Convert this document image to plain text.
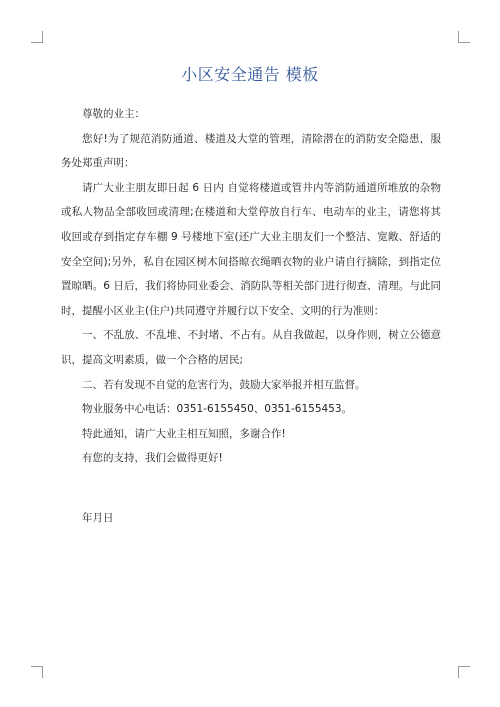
小区安全通告 模板

尊敬的业主：

您好!为了规范消防通道、楼道及大堂的管理，清除潜在的消防安全隐患，服务处郑重声明：

请广大业主朋友即日起 6 日内 自觉将楼道或管井内等消防通道所堆放的杂物或私人物品全部收回或清理;在楼道和大堂停放自行车、电动车的业主，请您将其收回或存到指定存车棚 9 号楼地下室(还广大业主朋友们一个整洁、宽敞、舒适的安全空间);另外，私自在园区树木间搭晾衣绳晒衣物的业户请自行摘除，到指定位置晾晒。6 日后，我们将协同业委会、消防队等相关部门进行彻查、清理。与此同时，提醒小区业主(住户)共同遵守并履行以下安全、文明的行为准则：

一、不乱放、不乱堆、不封堵、不占有。从自我做起，以身作则，树立公德意识，提高文明素质，做一个合格的居民;

二、若有发现不自觉的危害行为，鼓励大家举报并相互监督。

物业服务中心电话：0351-6155450、0351-6155453。

特此通知，请广大业主相互知照，多谢合作!

有您的支持，我们会做得更好!

年月日
